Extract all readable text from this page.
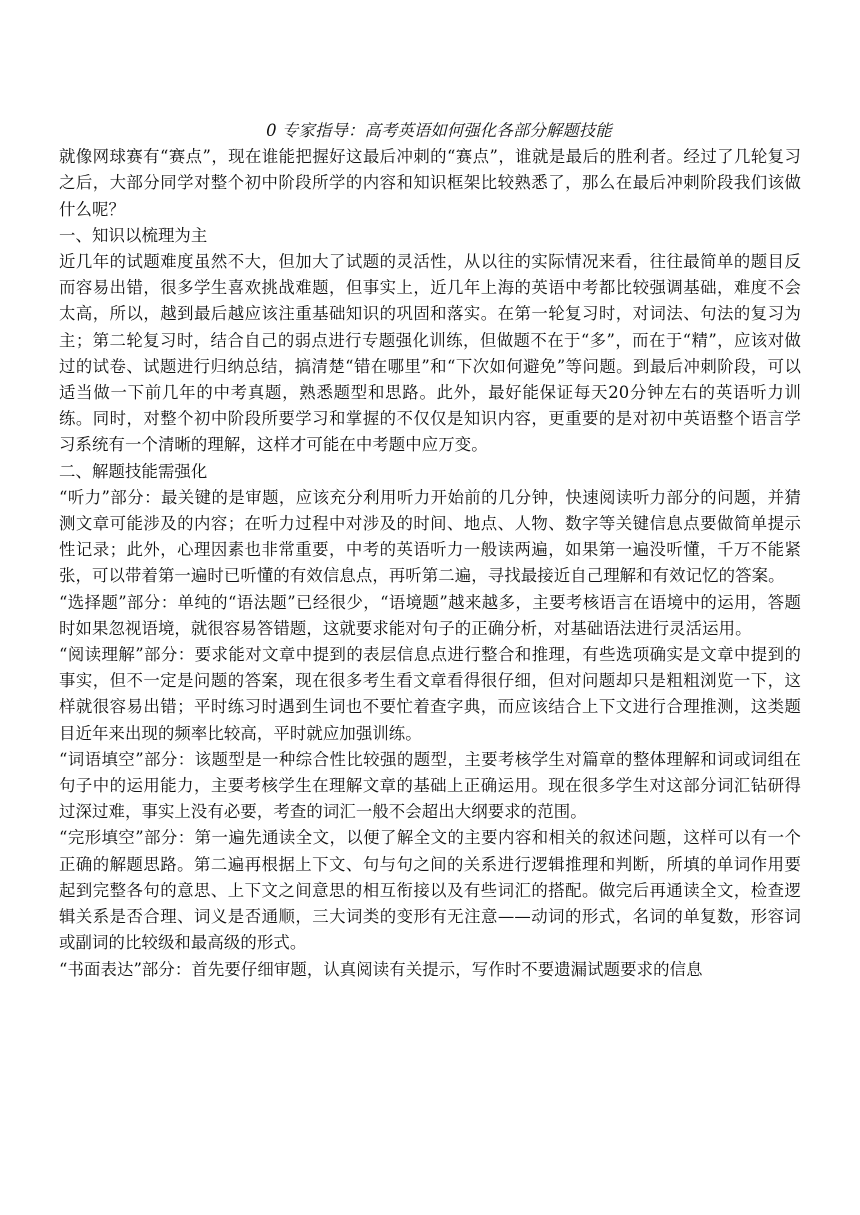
0 专家指导：高考英语如何强化各部分解题技能

就像网球赛有“赛点”，现在谁能把握好这最后冲刺的“赛点”，谁就是最后的胜利者。经过了几轮复习之后，大部分同学对整个初中阶段所学的内容和知识框架比较熟悉了，那么在最后冲刺阶段我们该做什么呢？

一、知识以梳理为主

近几年的试题难度虽然不大，但加大了试题的灵活性，从以往的实际情况来看，往往最简单的题目反而容易出错，很多学生喜欢挑战难题，但事实上，近几年上海的英语中考都比较强调基础，难度不会太高，所以，越到最后越应该注重基础知识的巩固和落实。在第一轮复习时，对词法、句法的复习为主；第二轮复习时，结合自己的弱点进行专题强化训练，但做题不在于“多”，而在于“精”，应该对做过的试卷、试题进行归纳总结，搞清楚“错在哪里”和“下次如何避免”等问题。到最后冲刺阶段，可以适当做一下前几年的中考真题，熟悉题型和思路。此外，最好能保证每天20分钟左右的英语听力训练。同时，对整个初中阶段所要学习和掌握的不仅仅是知识内容，更重要的是对初中英语整个语言学习系统有一个清晰的理解，这样才可能在中考题中应万变。

二、解题技能需强化

“听力”部分：最关键的是审题，应该充分利用听力开始前的几分钟，快速阅读听力部分的问题，并猜测文章可能涉及的内容；在听力过程中对涉及的时间、地点、人物、数字等关键信息点要做简单提示性记录；此外，心理因素也非常重要，中考的英语听力一般读两遍，如果第一遍没听懂，千万不能紧张，可以带着第一遍时已听懂的有效信息点，再听第二遍，寻找最接近自己理解和有效记忆的答案。

“选择题”部分：单纯的“语法题”已经很少，“语境题”越来越多，主要考核语言在语境中的运用，答题时如果忽视语境，就很容易答错题，这就要求能对句子的正确分析，对基础语法进行灵活运用。

“阅读理解”部分：要求能对文章中提到的表层信息点进行整合和推理，有些选项确实是文章中提到的事实，但不一定是问题的答案，现在很多考生看文章看得很仔细，但对问题却只是粗粗浏览一下，这样就很容易出错；平时练习时遇到生词也不要忙着查字典，而应该结合上下文进行合理推测，这类题目近年来出现的频率比较高，平时就应加强训练。

“词语填空”部分：该题型是一种综合性比较强的题型，主要考核学生对篇章的整体理解和词或词组在句子中的运用能力，主要考核学生在理解文章的基础上正确运用。现在很多学生对这部分词汇钻研得过深过难，事实上没有必要，考查的词汇一般不会超出大纲要求的范围。

“完形填空”部分：第一遍先通读全文，以便了解全文的主要内容和相关的叙述问题，这样可以有一个正确的解题思路。第二遍再根据上下文、句与句之间的关系进行逻辑推理和判断，所填的单词作用要起到完整各句的意思、上下文之间意思的相互衔接以及有些词汇的搭配。做完后再通读全文，检查逻辑关系是否合理、词义是否通顺，三大词类的变形有无注意——动词的形式，名词的单复数，形容词或副词的比较级和最高级的形式。

“书面表达”部分：首先要仔细审题，认真阅读有关提示，写作时不要遗漏试题要求的信息
